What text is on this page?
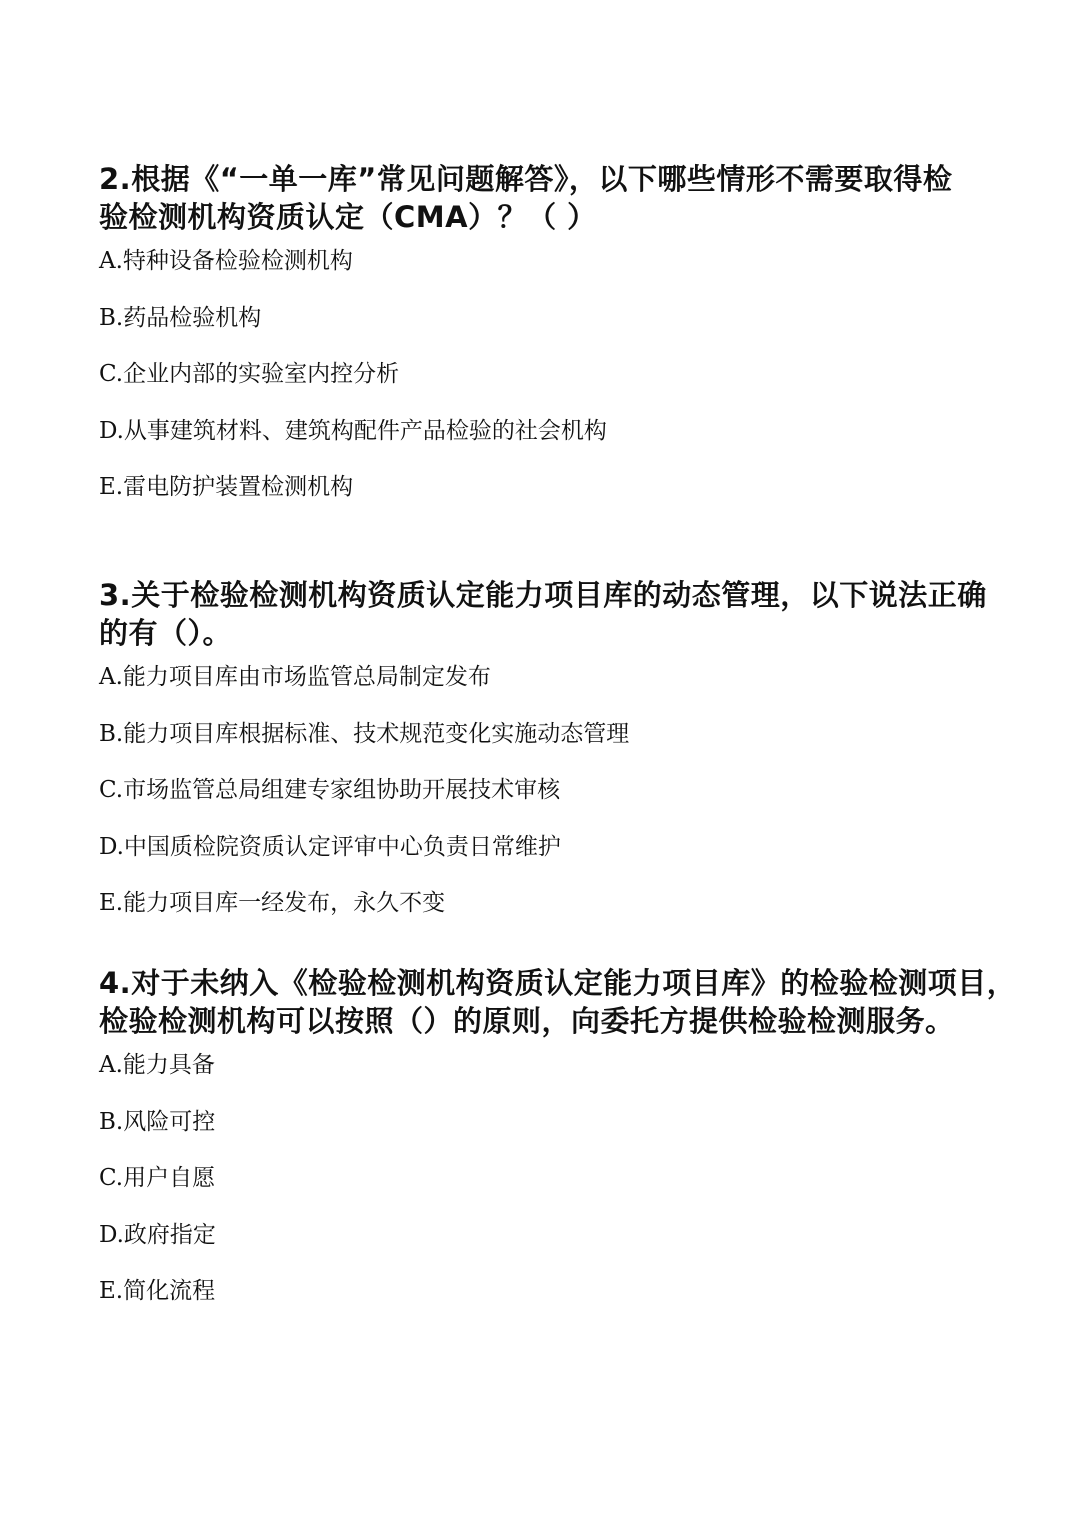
2.根据《“一单一库”常见问题解答》，以下哪些情形不需要取得检
验检测机构资质认定（CMA）？（ ）
A.特种设备检验检测机构
B.药品检验机构
C.企业内部的实验室内控分析
D.从事建筑材料、建筑构配件产品检验的社会机构
E.雷电防护装置检测机构
3.关于检验检测机构资质认定能力项目库的动态管理，以下说法正确
的有（）。
A.能力项目库由市场监管总局制定发布
B.能力项目库根据标准、技术规范变化实施动态管理
C.市场监管总局组建专家组协助开展技术审核
D.中国质检院资质认定评审中心负责日常维护
E.能力项目库一经发布，永久不变
4.对于未纳入《检验检测机构资质认定能力项目库》的检验检测项目，
检验检测机构可以按照（）的原则，向委托方提供检验检测服务。
A.能力具备
B.风险可控
C.用户自愿
D.政府指定
E.简化流程
